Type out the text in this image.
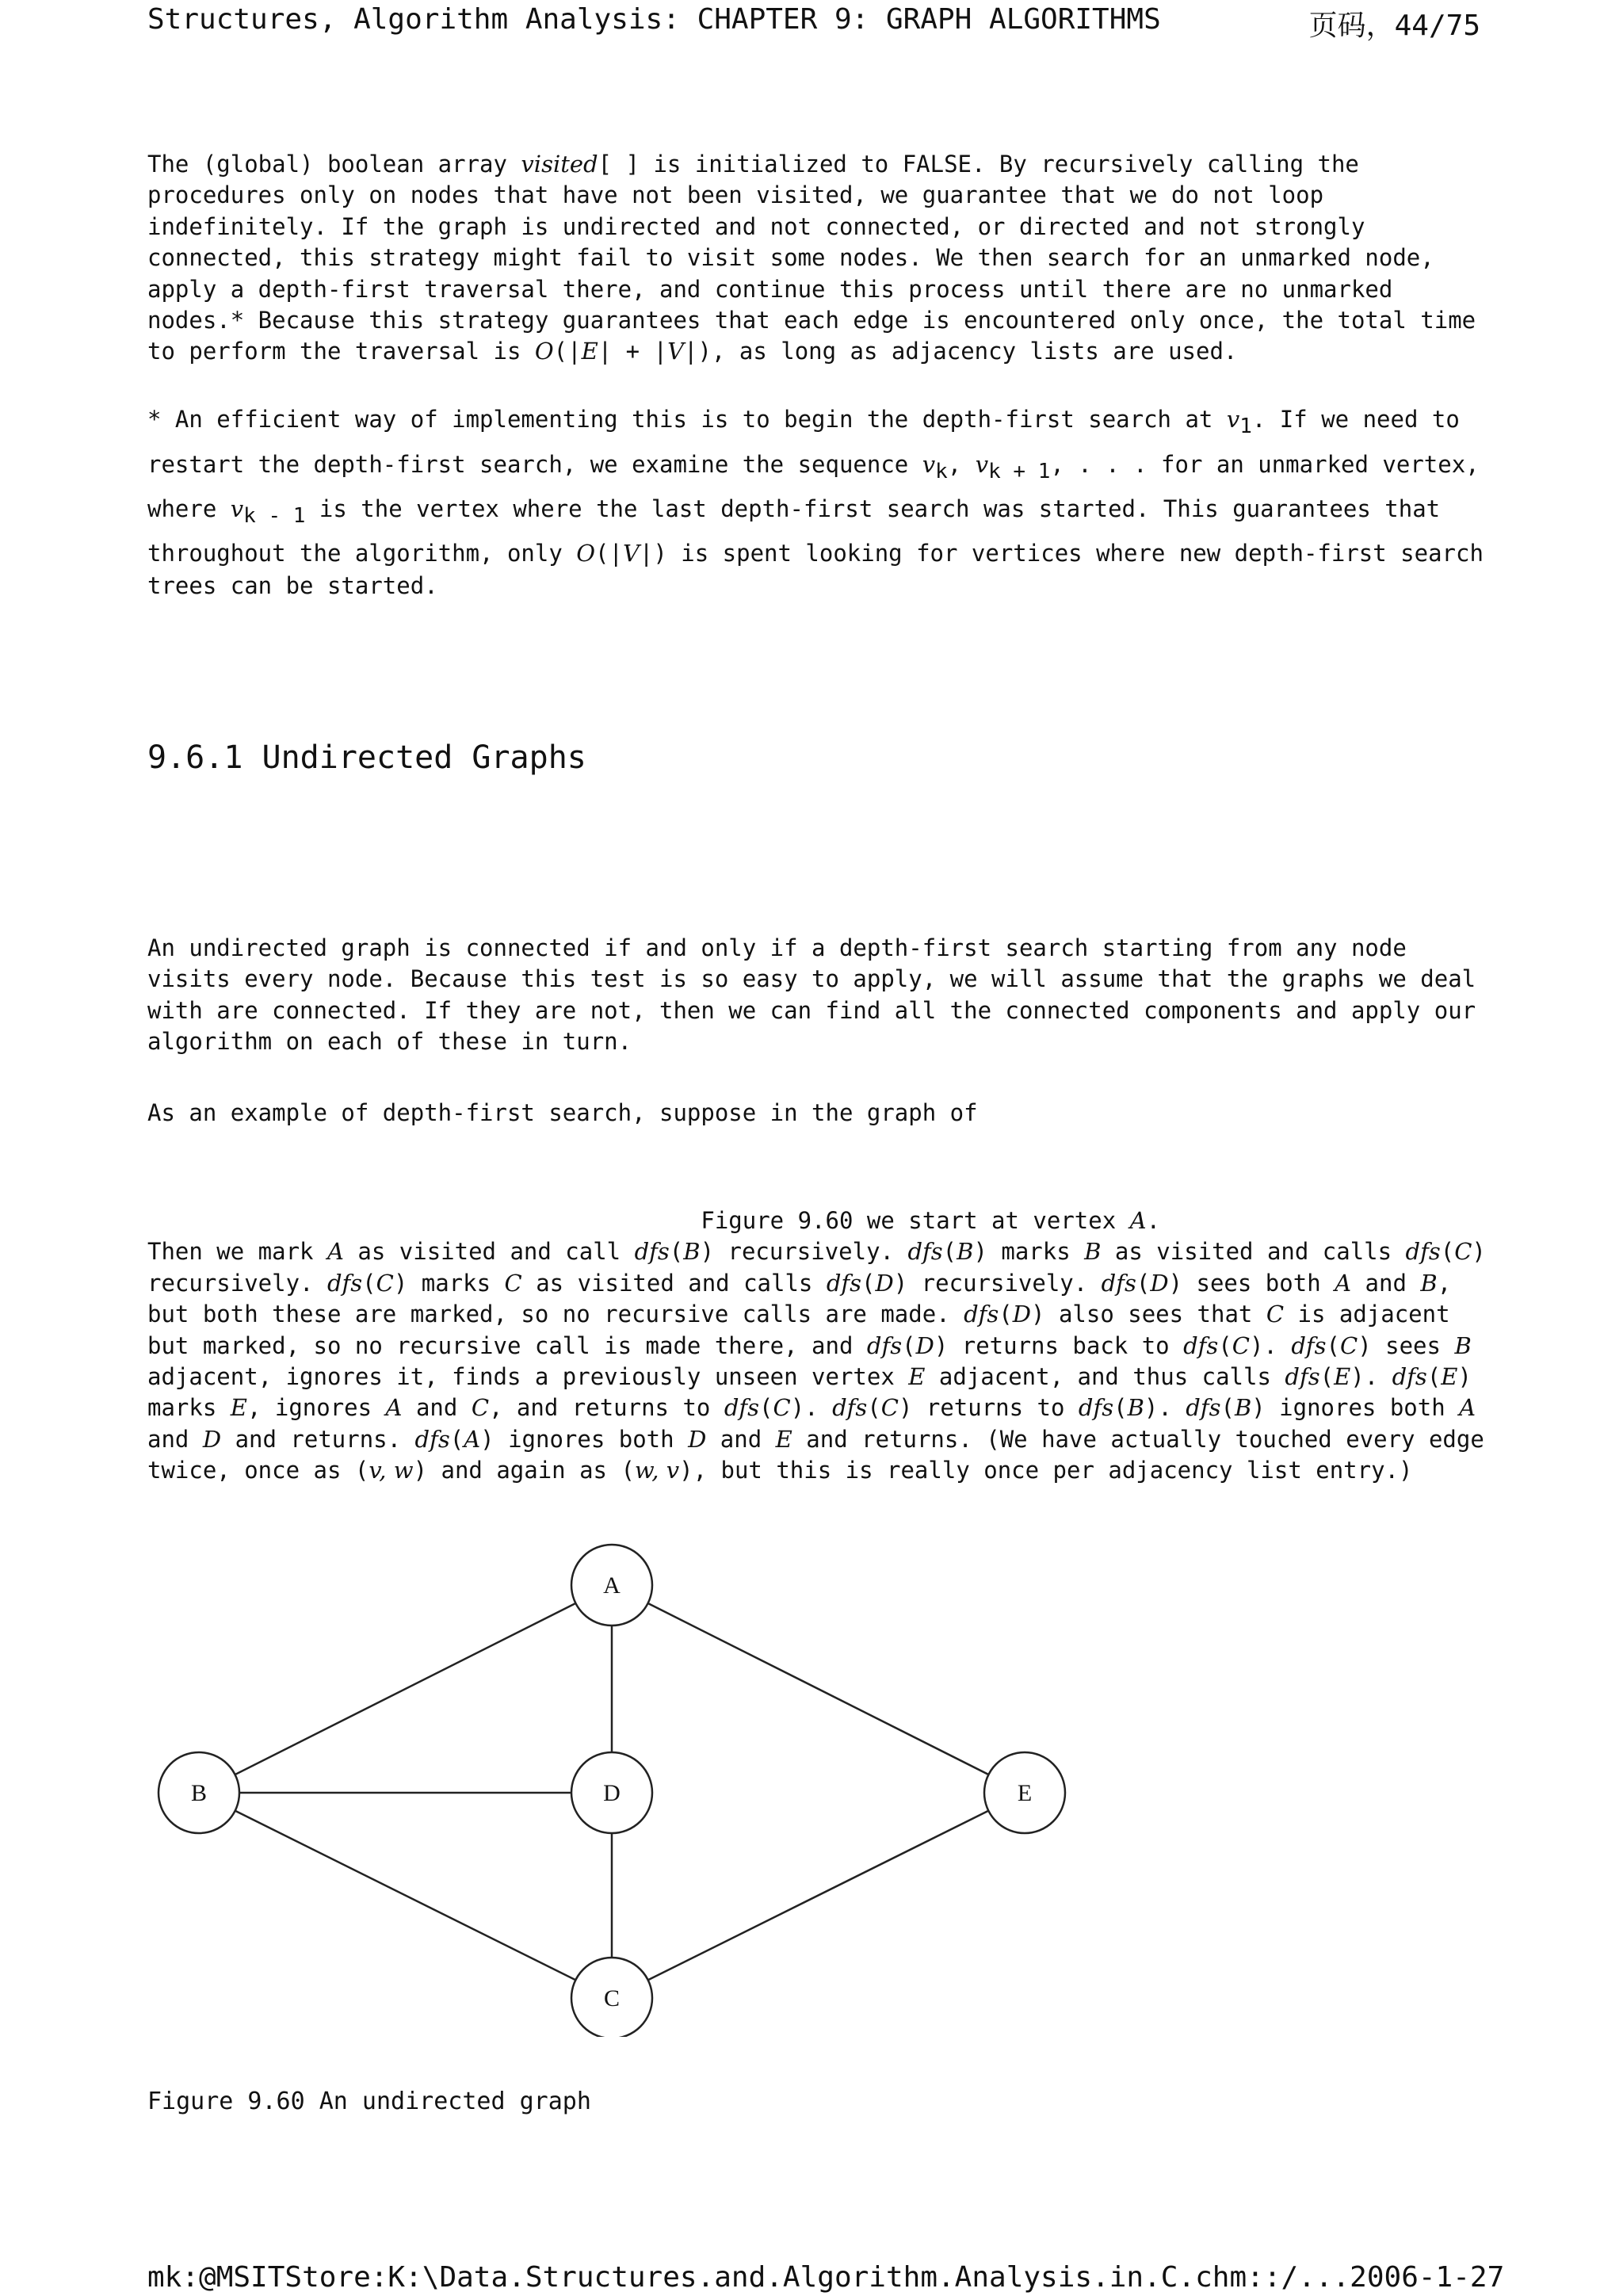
Structures, Algorithm Analysis: CHAPTER 9: GRAPH ALGORITHMS	页码，44/75
The (global) boolean array visited[ ] is initialized to FALSE. By recursively calling the
procedures only on nodes that have not been visited, we guarantee that we do not loop
indefinitely. If the graph is undirected and not connected, or directed and not strongly
connected, this strategy might fail to visit some nodes. We then search for an unmarked node,
apply a depth-first traversal there, and continue this process until there are no unmarked
nodes.* Because this strategy guarantees that each edge is encountered only once, the total time
to perform the traversal is O(|E| + |V|), as long as adjacency lists are used.
* An efficient way of implementing this is to begin the depth-first search at $v_1$. If we need to
restart the depth-first search, we examine the sequence $v_k$, $v_{k + 1}$, . . . for an unmarked vertex,
where $v_{k - 1}$ is the vertex where the last depth-first search was started. This guarantees that
throughout the algorithm, only O(|V|) is spent looking for vertices where new depth-first search
trees can be started.
9.6.1 Undirected Graphs
An undirected graph is connected if and only if a depth-first search starting from any node
visits every node. Because this test is so easy to apply, we will assume that the graphs we deal
with are connected. If they are not, then we can find all the connected components and apply our
algorithm on each of these in turn.
As an example of depth-first search, suppose in the graph of
Figure 9.60 we start at vertex A.
Then we mark A as visited and call dfs(B) recursively. dfs(B) marks B as visited and calls dfs(C)
recursively. dfs(C) marks C as visited and calls dfs(D) recursively. dfs(D) sees both A and B,
but both these are marked, so no recursive calls are made. dfs(D) also sees that C is adjacent
but marked, so no recursive call is made there, and dfs(D) returns back to dfs(C). dfs(C) sees B
adjacent, ignores it, finds a previously unseen vertex E adjacent, and thus calls dfs(E). dfs(E)
marks E, ignores A and C, and returns to dfs(C). dfs(C) returns to dfs(B). dfs(B) ignores both A
and D and returns. dfs(A) ignores both D and E and returns. (We have actually touched every edge
twice, once as (v, w) and again as (w, v), but this is really once per adjacency list entry.)
A
B
C
D	E
Figure 9.60 An undirected graph
mk:@MSITStore:K:\Data.Structures.and.Algorithm.Analysis.in.C.chm::/... 2006-1-27
